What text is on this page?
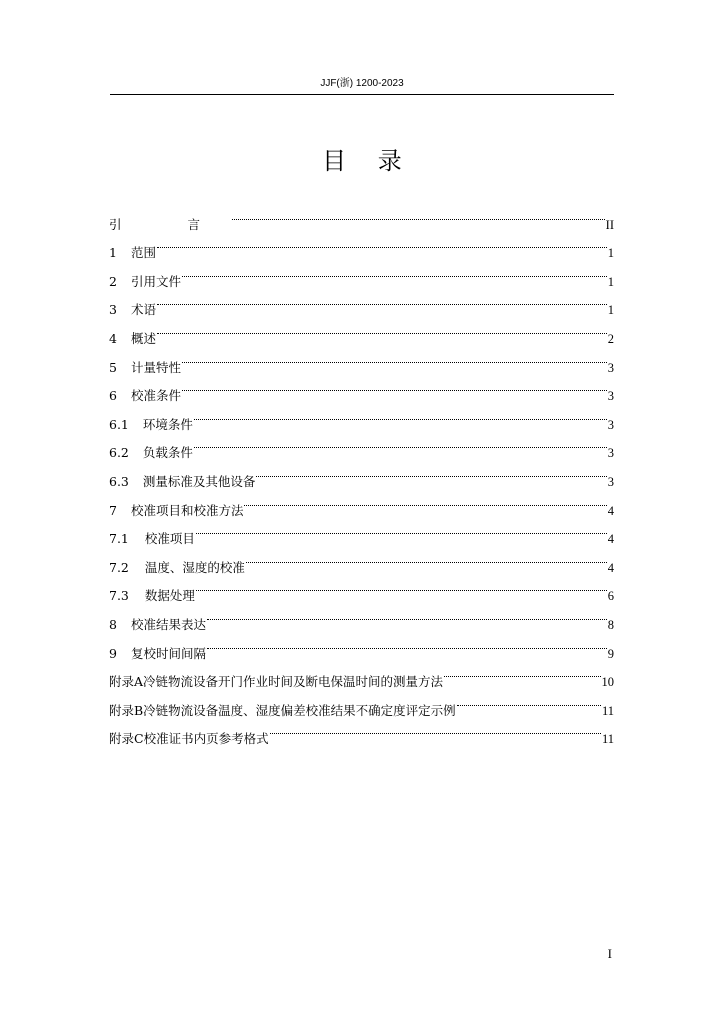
JJF(浙) 1200-2023
目 录
引 言	II
1 范围	1
2 引用文件	1
3 术语	1
4 概述	2
5 计量特性	3
6 校准条件	3
6.1 环境条件	3
6.2 负载条件	3
6.3 测量标准及其他设备	3
7 校准项目和校准方法	4
7.1 校准项目	4
7.2 温度、湿度的校准	4
7.3 数据处理	6
8 校准结果表达	8
9 复校时间间隔	9
附录A冷链物流设备开门作业时间及断电保温时间的测量方法	10
附录B冷链物流设备温度、湿度偏差校准结果不确定度评定示例	11
附录C校准证书内页参考格式	11
I
